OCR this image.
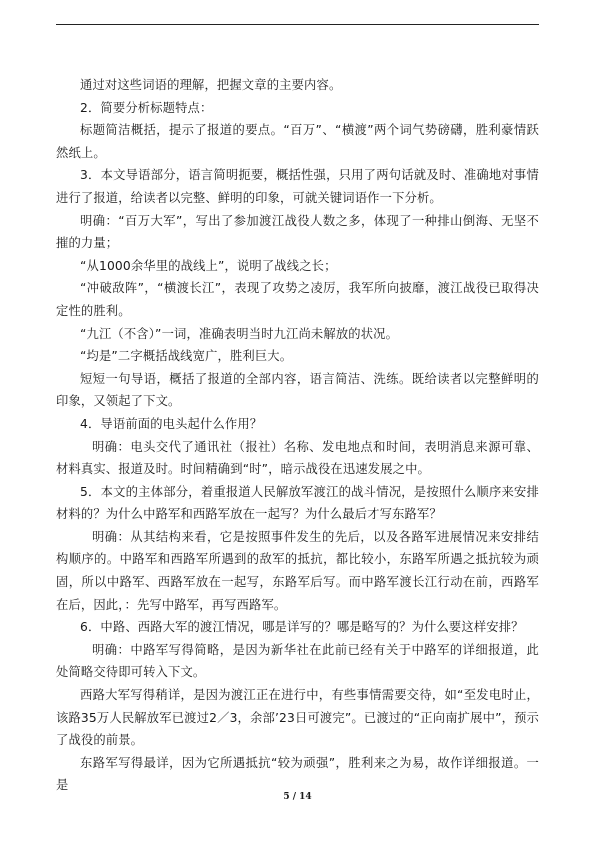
通过对这些词语的理解，把握文章的主要内容。

2．简要分析标题特点：

标题简洁概括，提示了报道的要点。“百万”、“横渡”两个词气势磅礴，胜利豪情跃然纸上。

3．本文导语部分，语言简明扼要，概括性强，只用了两句话就及时、准确地对事情进行了报道，给读者以完整、鲜明的印象，可就关键词语作一下分析。

明确：“百万大军”，写出了参加渡江战役人数之多，体现了一种排山倒海、无坚不摧的力量；

“从1000余华里的战线上”，说明了战线之长；

“冲破敌阵”，“横渡长江”，表现了攻势之凌厉，我军所向披靡，渡江战役已取得决定性的胜利。

“九江（不含）”一词，准确表明当时九江尚未解放的状况。

“均是”二字概括战线宽广，胜利巨大。

短短一句导语，概括了报道的全部内容，语言简洁、洗练。既给读者以完整鲜明的印象，又领起了下文。

4．导语前面的电头起什么作用？

明确：电头交代了通讯社（报社）名称、发电地点和时间，表明消息来源可靠、材料真实、报道及时。时间精确到“时”，暗示战役在迅速发展之中。

5．本文的主体部分，着重报道人民解放军渡江的战斗情况，是按照什么顺序来安排材料的？为什么中路军和西路军放在一起写？为什么最后才写东路军？

明确：从其结构来看，它是按照事件发生的先后，以及各路军进展情况来安排结构顺序的。中路军和西路军所遇到的敌军的抵抗，都比较小，东路军所遇之抵抗较为顽固，所以中路军、西路军放在一起写，东路军后写。而中路军渡长江行动在前，西路军在后，因此，：先写中路军，再写西路军。

6．中路、西路大军的渡江情况，哪是详写的？哪是略写的？为什么要这样安排？

明确：中路军写得简略，是因为新华社在此前已经有关于中路军的详细报道，此处简略交待即可转入下文。

西路大军写得稍详，是因为渡江正在进行中，有些事情需要交待，如“至发电时止，该路35万人民解放军已渡过2／3，余部’23日可渡完”。已渡过的“正向南扩展中”，预示了战役的前景。

东路军写得最详，因为它所遇抵抗“较为顽强”，胜利来之为易，故作详细报道。一是

5 / 14
